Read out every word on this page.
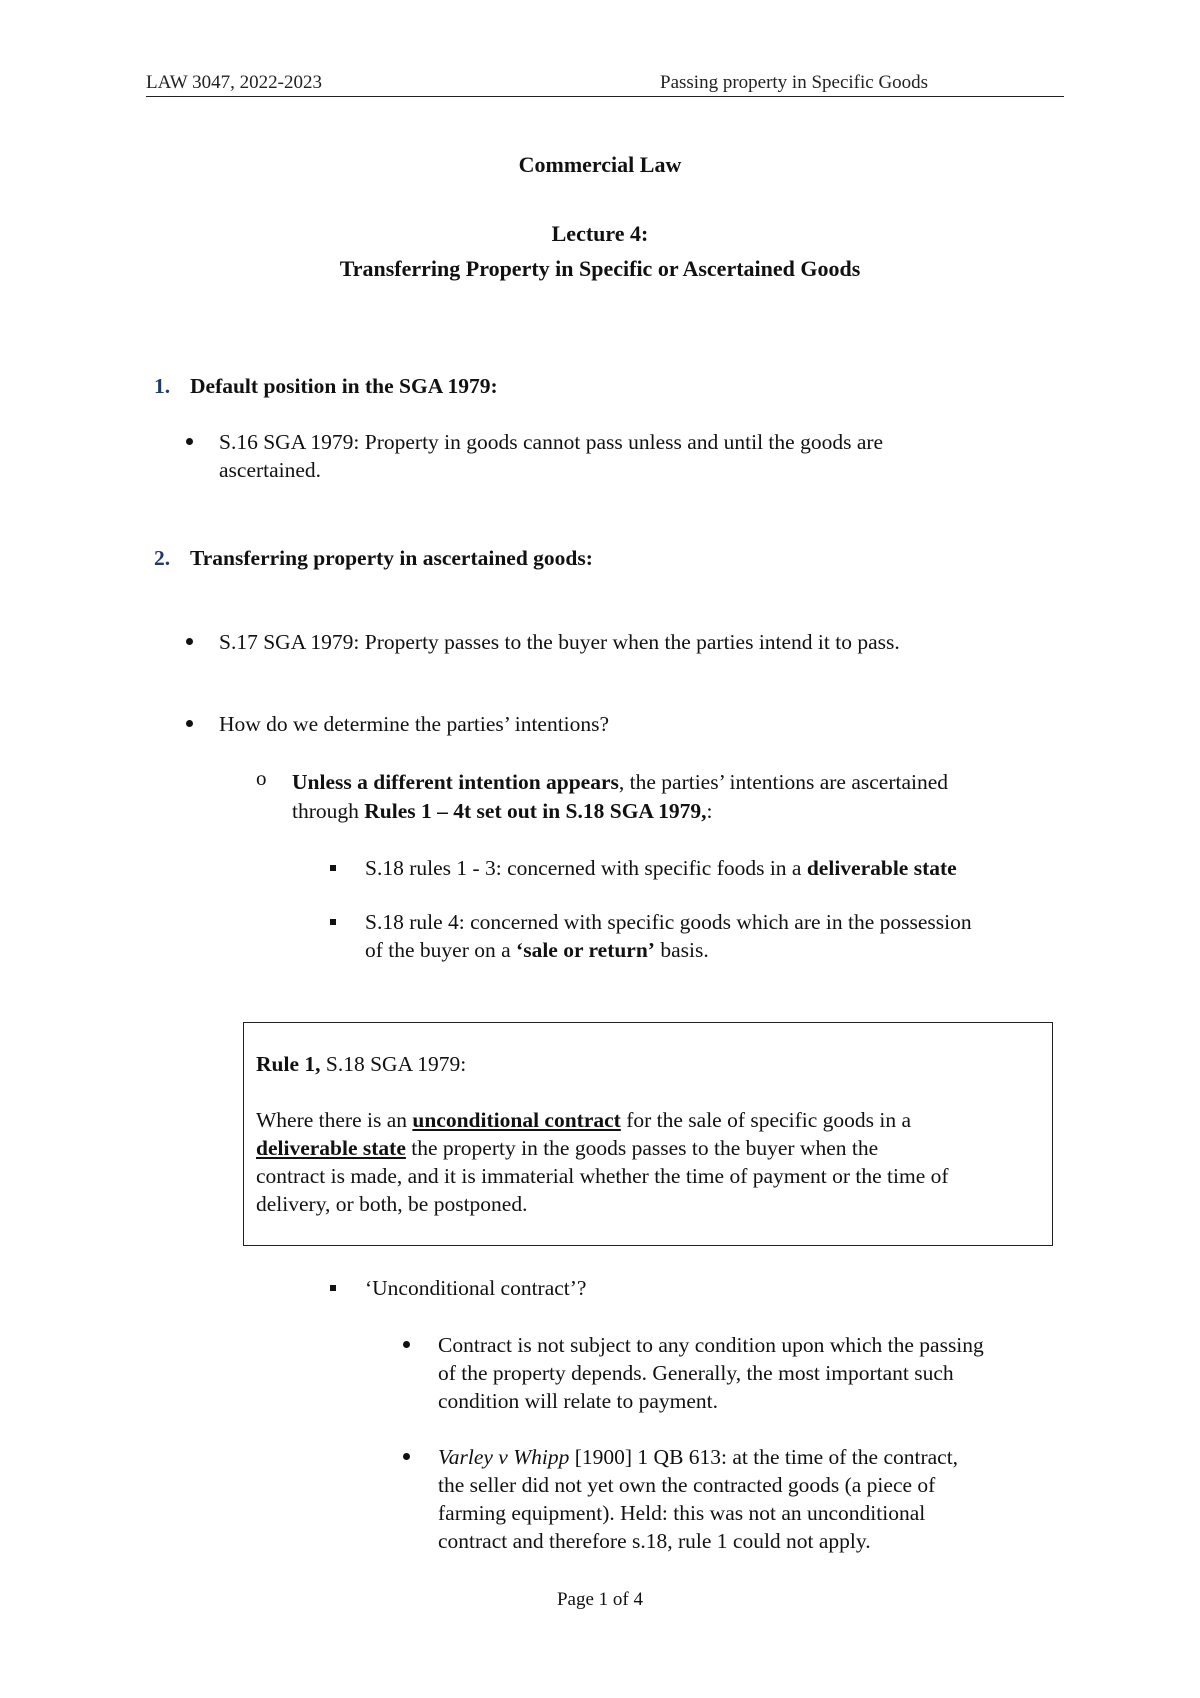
LAW 3047, 2022-2023	Passing property in Specific Goods
Commercial Law
Lecture 4:
Transferring Property in Specific or Ascertained Goods
1. Default position in the SGA 1979:
S.16 SGA 1979: Property in goods cannot pass unless and until the goods are
ascertained.
2. Transferring property in ascertained goods:
S.17 SGA 1979: Property passes to the buyer when the parties intend it to pass.
How do we determine the parties’ intentions?
o Unless a different intention appears, the parties’ intentions are ascertained
through Rules 1 – 4t set out in S.18 SGA 1979,:
S.18 rules 1 - 3: concerned with specific foods in a deliverable state
S.18 rule 4: concerned with specific goods which are in the possession
of the buyer on a ‘sale or return’ basis.
Rule 1, S.18 SGA 1979:
Where there is an unconditional contract for the sale of specific goods in a
deliverable state the property in the goods passes to the buyer when the
contract is made, and it is immaterial whether the time of payment or the time of
delivery, or both, be postponed.
‘Unconditional contract’?
Contract is not subject to any condition upon which the passing
of the property depends. Generally, the most important such
condition will relate to payment.
Varley v Whipp [1900] 1 QB 613: at the time of the contract,
the seller did not yet own the contracted goods (a piece of
farming equipment). Held: this was not an unconditional
contract and therefore s.18, rule 1 could not apply.
Page 1 of 4
